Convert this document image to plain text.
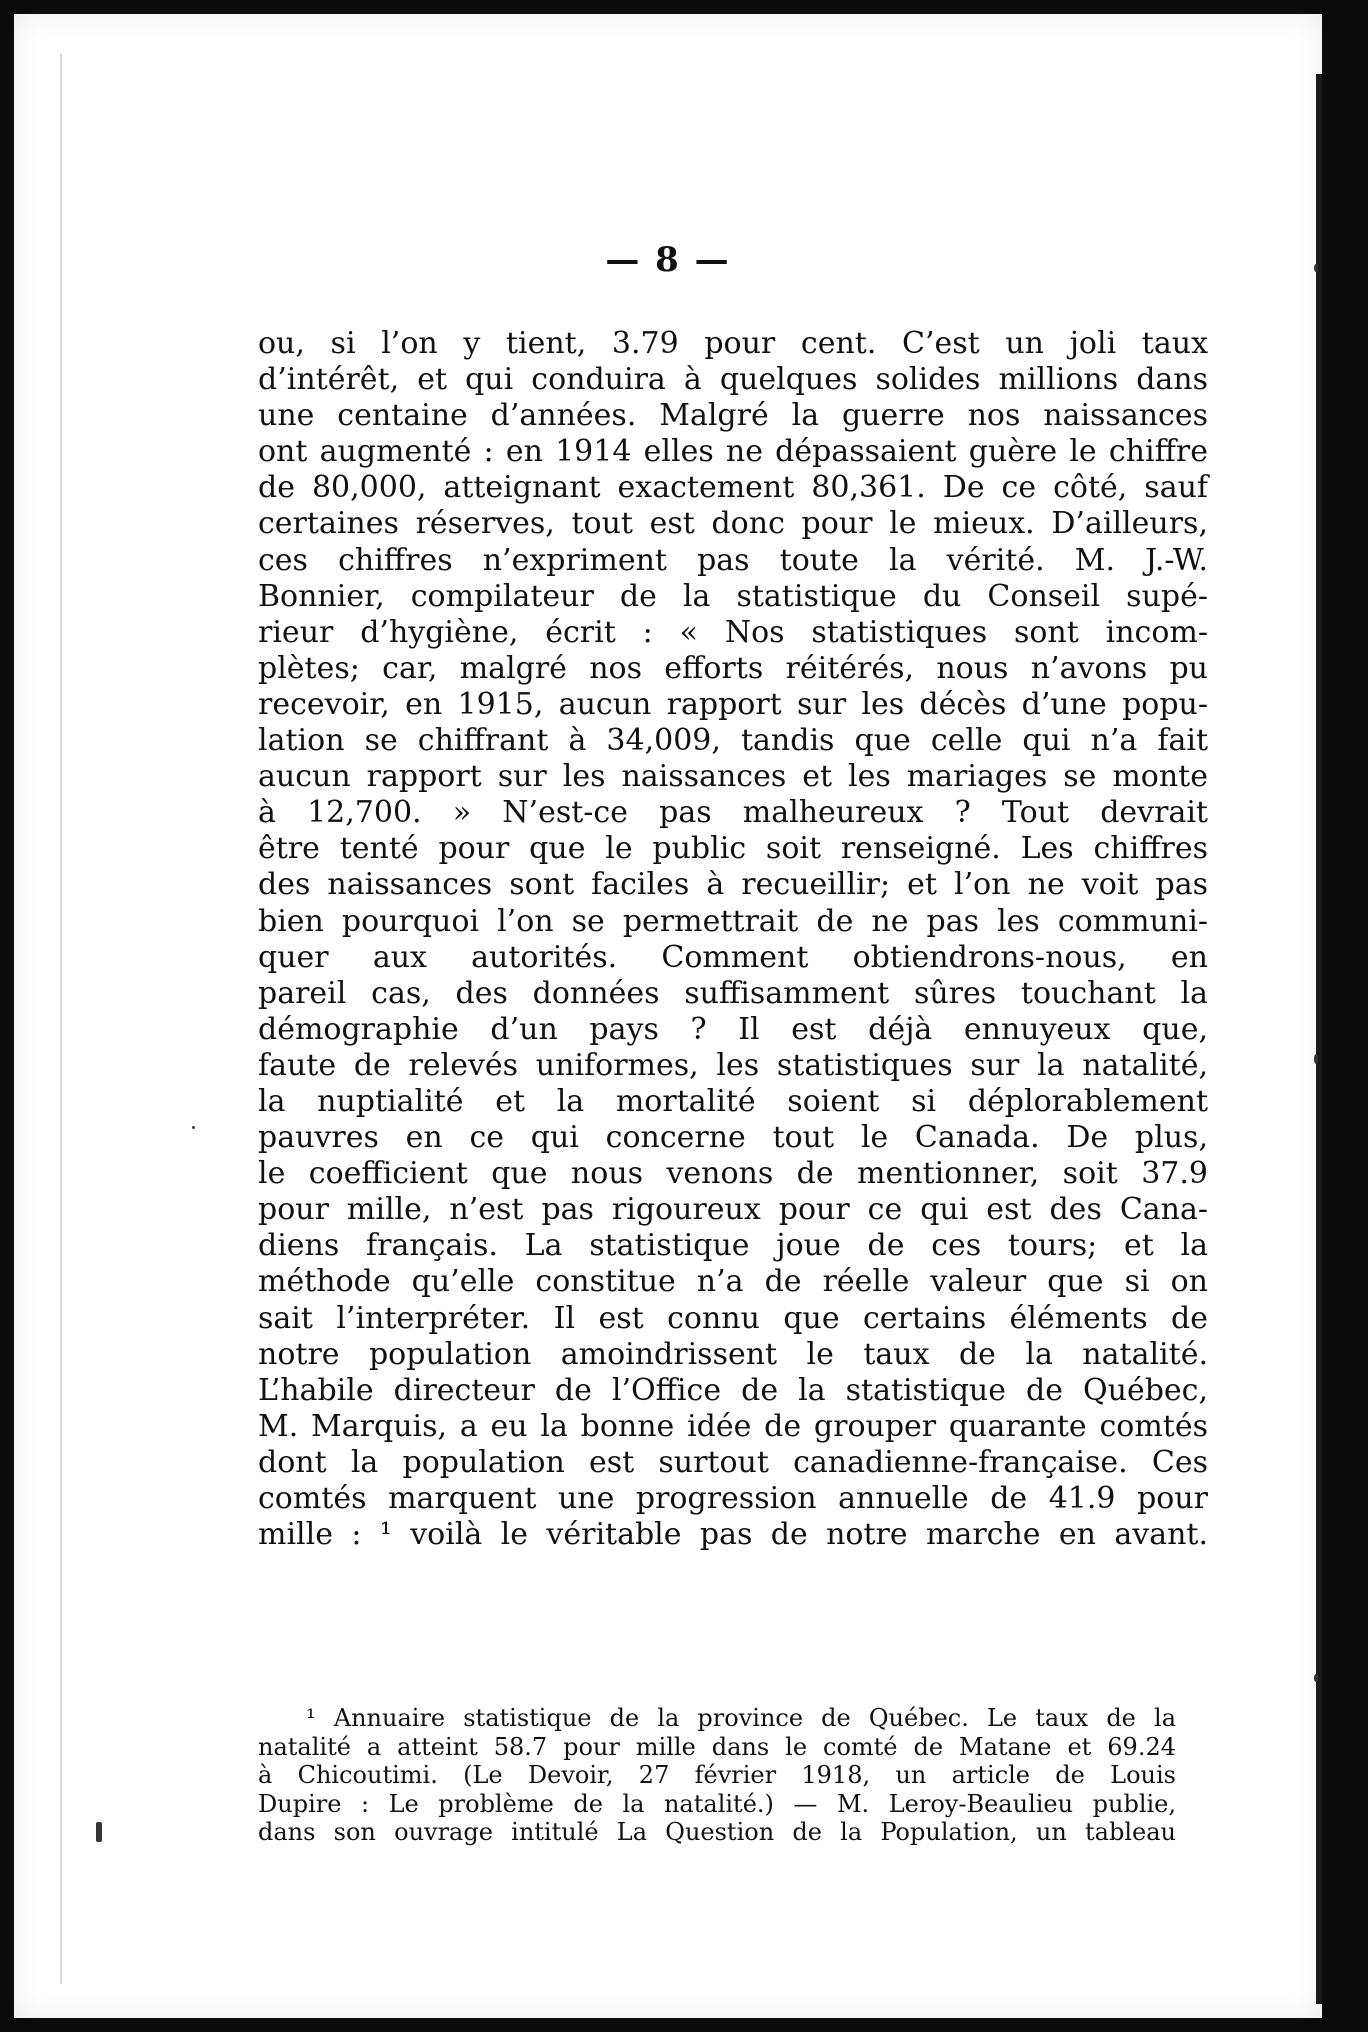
— 8 —
ou, si l’on y tient, 3.79 pour cent. C’est un joli taux
d’intérêt, et qui conduira à quelques solides millions dans
une centaine d’années. Malgré la guerre nos naissances
ont augmenté : en 1914 elles ne dépassaient guère le chiffre
de 80,000, atteignant exactement 80,361. De ce côté, sauf
certaines réserves, tout est donc pour le mieux. D’ailleurs,
ces chiffres n’expriment pas toute la vérité. M. J.-W.
Bonnier, compilateur de la statistique du Conseil supé-
rieur d’hygiène, écrit : « Nos statistiques sont incom-
plètes; car, malgré nos efforts réitérés, nous n’avons pu
recevoir, en 1915, aucun rapport sur les décès d’une popu-
lation se chiffrant à 34,009, tandis que celle qui n’a fait
aucun rapport sur les naissances et les mariages se monte
à 12,700. » N’est-ce pas malheureux ? Tout devrait
être tenté pour que le public soit renseigné. Les chiffres
des naissances sont faciles à recueillir; et l’on ne voit pas
bien pourquoi l’on se permettrait de ne pas les communi-
quer aux autorités. Comment obtiendrons-nous, en
pareil cas, des données suffisamment sûres touchant la
démographie d’un pays ? Il est déjà ennuyeux que,
faute de relevés uniformes, les statistiques sur la natalité,
la nuptialité et la mortalité soient si déplorablement
pauvres en ce qui concerne tout le Canada. De plus,
le coefficient que nous venons de mentionner, soit 37.9
pour mille, n’est pas rigoureux pour ce qui est des Cana-
diens français. La statistique joue de ces tours; et la
méthode qu’elle constitue n’a de réelle valeur que si on
sait l’interpréter. Il est connu que certains éléments de
notre population amoindrissent le taux de la natalité.
L’habile directeur de l’Office de la statistique de Québec,
M. Marquis, a eu la bonne idée de grouper quarante comtés
dont la population est surtout canadienne-française. Ces
comtés marquent une progression annuelle de 41.9 pour
mille : ¹ voilà le véritable pas de notre marche en avant.
¹ Annuaire statistique de la province de Québec. Le taux de la
natalité a atteint 58.7 pour mille dans le comté de Matane et 69.24
à Chicoutimi. (Le Devoir, 27 février 1918, un article de Louis
Dupire : Le problème de la natalité.) — M. Leroy-Beaulieu publie,
dans son ouvrage intitulé La Question de la Population, un tableau
